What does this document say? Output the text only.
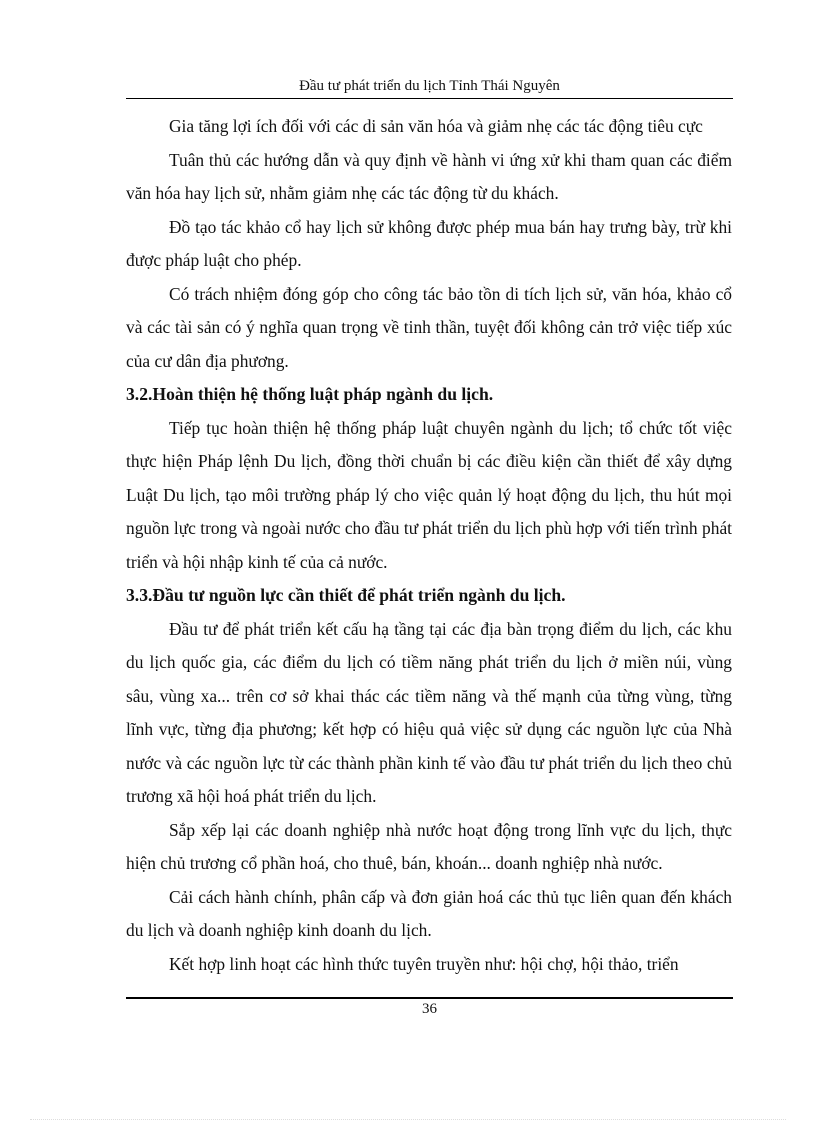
Đầu tư phát triển du lịch Tỉnh Thái Nguyên

Gia tăng lợi ích đối với các di sản văn hóa và giảm nhẹ các tác động tiêu cực

Tuân thủ các hướng dẫn và quy định về hành vi ứng xử khi tham quan các điểm văn hóa hay lịch sử, nhằm giảm nhẹ các tác động từ du khách.

Đồ tạo tác khảo cổ hay lịch sử không được phép mua bán hay trưng bày, trừ khi được pháp luật cho phép.

Có trách nhiệm đóng góp cho công tác bảo tồn di tích lịch sử, văn hóa, khảo cổ và các tài sản có ý nghĩa quan trọng về tinh thần, tuyệt đối không cản trở việc tiếp xúc của cư dân địa phương.

3.2.Hoàn thiện hệ thống luật pháp ngành du lịch.

Tiếp tục hoàn thiện hệ thống pháp luật chuyên ngành du lịch; tổ chức tốt việc thực hiện Pháp lệnh Du lịch, đồng thời chuẩn bị các điều kiện cần thiết để xây dựng Luật Du lịch, tạo môi trường pháp lý cho việc quản lý hoạt động du lịch, thu hút mọi nguồn lực trong và ngoài nước cho đầu tư phát triển du lịch phù hợp với tiến trình phát triển và hội nhập kinh tế của cả nước.

3.3.Đầu tư nguồn lực cần thiết để phát triển ngành du lịch.

Đầu tư để phát triển kết cấu hạ tầng tại các địa bàn trọng điểm du lịch, các khu du lịch quốc gia, các điểm du lịch có tiềm năng phát triển du lịch ở miền núi, vùng sâu, vùng xa... trên cơ sở khai thác các tiềm năng và thế mạnh của từng vùng, từng lĩnh vực, từng địa phương; kết hợp có hiệu quả việc sử dụng các nguồn lực của Nhà nước và các nguồn lực từ các thành phần kinh tế vào đầu tư phát triển du lịch theo chủ trương xã hội hoá phát triển du lịch.

Sắp xếp lại các doanh nghiệp nhà nước hoạt động trong lĩnh vực du lịch, thực hiện chủ trương cổ phần hoá, cho thuê, bán, khoán... doanh nghiệp nhà nước.

Cải cách hành chính, phân cấp và đơn giản hoá các thủ tục liên quan đến khách du lịch và doanh nghiệp kinh doanh du lịch.

Kết hợp linh hoạt các hình thức tuyên truyền như: hội chợ, hội thảo, triển

36
